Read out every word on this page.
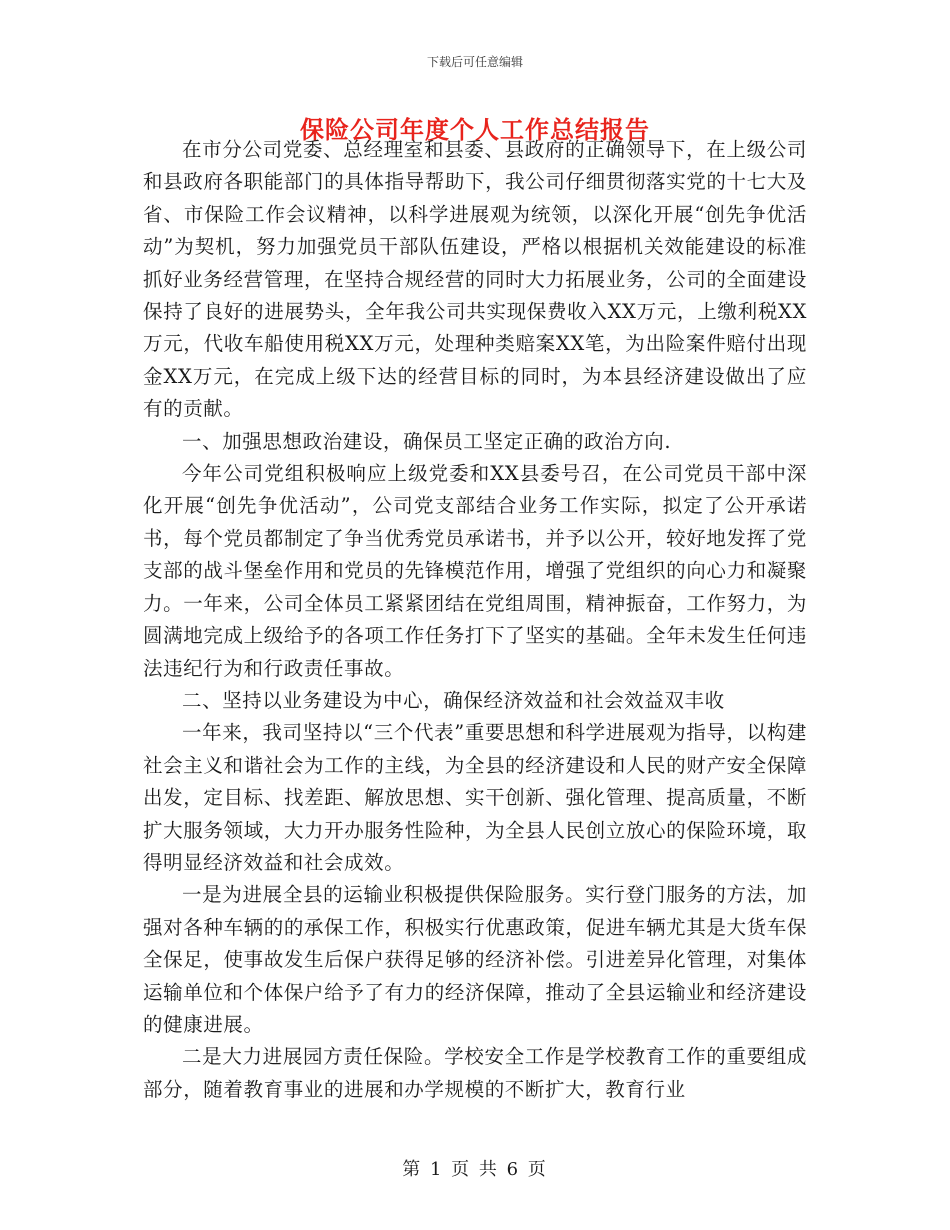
下载后可任意编辑
保险公司年度个人工作总结报告

在市分公司党委、总经理室和县委、县政府的正确领导下，在上级公司和县政府各职能部门的具体指导帮助下，我公司仔细贯彻落实党的十七大及省、市保险工作会议精神，以科学进展观为统领，以深化开展“创先争优活动”为契机，努力加强党员干部队伍建设，严格以根据机关效能建设的标准抓好业务经营管理，在坚持合规经营的同时大力拓展业务，公司的全面建设保持了良好的进展势头，全年我公司共实现保费收入XX万元，上缴利税XX万元，代收车船使用税XX万元，处理种类赔案XX笔，为出险案件赔付出现金XX万元，在完成上级下达的经营目标的同时，为本县经济建设做出了应有的贡献。

一、加强思想政治建设，确保员工坚定正确的政治方向.

今年公司党组积极响应上级党委和XX县委号召，在公司党员干部中深化开展“创先争优活动”，公司党支部结合业务工作实际，拟定了公开承诺书，每个党员都制定了争当优秀党员承诺书，并予以公开，较好地发挥了党支部的战斗堡垒作用和党员的先锋模范作用，增强了党组织的向心力和凝聚力。一年来，公司全体员工紧紧团结在党组周围，精神振奋，工作努力，为圆满地完成上级给予的各项工作任务打下了坚实的基础。全年未发生任何违法违纪行为和行政责任事故。

二、坚持以业务建设为中心，确保经济效益和社会效益双丰收

一年来，我司坚持以“三个代表”重要思想和科学进展观为指导，以构建社会主义和谐社会为工作的主线，为全县的经济建设和人民的财产安全保障出发，定目标、找差距、解放思想、实干创新、强化管理、提高质量，不断扩大服务领域，大力开办服务性险种，为全县人民创立放心的保险环境，取得明显经济效益和社会成效。

一是为进展全县的运输业积极提供保险服务。实行登门服务的方法，加强对各种车辆的的承保工作，积极实行优惠政策，促进车辆尤其是大货车保全保足，使事故发生后保户获得足够的经济补偿。引进差异化管理，对集体运输单位和个体保户给予了有力的经济保障，推动了全县运输业和经济建设的健康进展。

二是大力进展园方责任保险。学校安全工作是学校教育工作的重要组成部分，随着教育事业的进展和办学规模的不断扩大，教育行业

第 1 页 共 6 页
